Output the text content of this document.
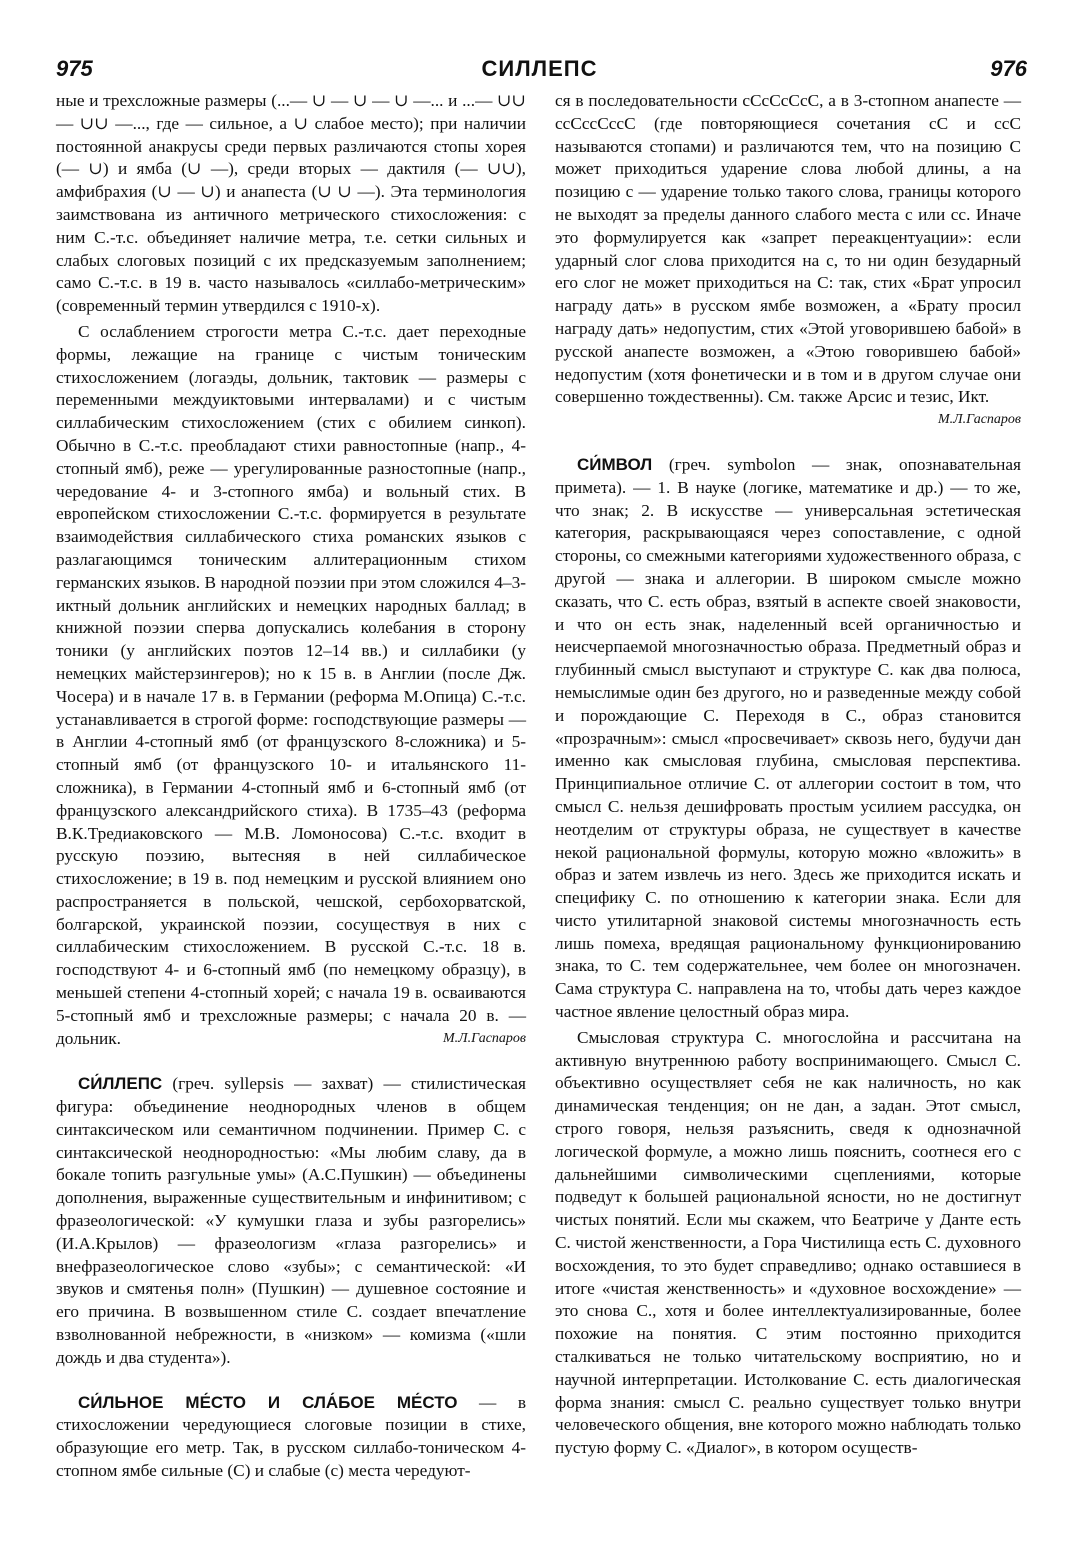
975	СИЛЛЕПС	976

ные и трехсложные размеры (...— ∪ — ∪ — ∪ —... и ...— ∪∪ — ∪∪ —..., где — сильное, а ∪ слабое место); при наличии постоянной анакрусы среди первых различаются стопы хорея (— ∪) и ямба (∪ —), среди вторых — дактиля (— ∪∪), амфибрахия (∪ — ∪) и анапеста (∪ ∪ —). Эта терминология заимствована из античного метрического стихосложения: с ним С.-т.с. объединяет наличие метра, т.е. сетки сильных и слабых слоговых позиций с их предсказуемым заполнением; само С.-т.с. в 19 в. часто называлось «силлабо-метрическим» (современный термин утвердился с 1910-х).

С ослаблением строгости метра С.-т.с. дает переходные формы, лежащие на границе с чистым тоническим стихосложением (логаэды, дольник, тактовик — размеры с переменными междуиктовыми интервалами) и с чистым силлабическим стихосложением (стих с обилием синкоп). Обычно в С.-т.с. преобладают стихи равностопные (напр., 4-стопный ямб), реже — урегулированные разностопные (напр., чередование 4- и 3-стопного ямба) и вольный стих. В европейском стихосложении С.-т.с. формируется в результате взаимодействия силлабического стиха романских языков с разлагающимся тоническим аллитерационным стихом германских языков. В народной поэзии при этом сложился 4–3-иктный дольник английских и немецких народных баллад; в книжной поэзии сперва допускались колебания в сторону тоники (у английских поэтов 12–14 вв.) и силлабики (у немецких майстерзингеров); но к 15 в. в Англии (после Дж. Чосера) и в начале 17 в. в Германии (реформа М.Опица) С.-т.с. устанавливается в строгой форме: господствующие размеры — в Англии 4-стопный ямб (от французского 8-сложника) и 5-стопный ямб (от французского 10- и итальянского 11-сложника), в Германии 4-стопный ямб и 6-стопный ямб (от французского александрийского стиха). В 1735–43 (реформа В.К.Тредиаковского — М.В. Ломоносова) С.-т.с. входит в русскую поэзию, вытесняя в ней силлабическое стихосложение; в 19 в. под немецким и русской влиянием оно распространяется в польской, чешской, сербохорватской, болгарской, украинской поэзии, сосуществуя в них с силлабическим стихосложением. В русской С.-т.с. 18 в. господствуют 4- и 6-стопный ямб (по немецкому образцу), в меньшей степени 4-стопный хорей; с начала 19 в. осваиваются 5-стопный ямб и трехсложные размеры; с начала 20 в. — дольник.	М.Л.Гаспаров

СИ́ЛЛЕПС (греч. syllepsis — захват) — стилистическая фигура: объединение неоднородных членов в общем синтаксическом или семантичном подчинении. Пример С. с синтаксической неоднородностью: «Мы любим славу, да в бокале топить разгульные умы» (А.С.Пушкин) — объединены дополнения, выраженные существительным и инфинитивом; с фразеологической: «У кумушки глаза и зубы разгорелись» (И.А.Крылов) — фразеологизм «глаза разгорелись» и внефразеологическое слово «зубы»; с семантической: «И звуков и смятенья полн» (Пушкин) — душевное состояние и его причина. В возвышенном стиле С. создает впечатление взволнованной небрежности, в «низком» — комизма («шли дождь и два студента»).

СИ́ЛЬНОЕ МЕ́СТО И СЛА́БОЕ МЕ́СТО — в стихосложении чередующиеся слоговые позиции в стихе, образующие его метр. Так, в русском силлабо-тоническом 4-стопном ямбе сильные (С) и слабые (с) места чередуют-

ся в последовательности cСcСcСcС, а в 3-стопном анапесте — ccСccСccС (где повторяющиеся сочетания cС и ccС называются стопами) и различаются тем, что на позицию С может приходиться ударение слова любой длины, а на позицию с — ударение только такого слова, границы которого не выходят за пределы данного слабого места с или сс. Иначе это формулируется как «запрет переакцентуации»: если ударный слог слова приходится на с, то ни один безударный его слог не может приходиться на С: так, стих «Брат упросил награду дать» в русском ямбе возможен, а «Брату просил награду дать» недопустим, стих «Этой уговорившею бабой» в русской анапесте возможен, а «Этою говорившею бабой» недопустим (хотя фонетически и в том и в другом случае они совершенно тождественны). См. также Арсис и тезис, Икт.

М.Л.Гаспаров

СИ́МВОЛ (греч. symbolon — знак, опознавательная примета). — 1. В науке (логике, математике и др.) — то же, что знак; 2. В искусстве — универсальная эстетическая категория, раскрывающаяся через сопоставление, с одной стороны, со смежными категориями художественного образа, с другой — знака и аллегории. В широком смысле можно сказать, что С. есть образ, взятый в аспекте своей знаковости, и что он есть знак, наделенный всей органичностью и неисчерпаемой многозначностью образа. Предметный образ и глубинный смысл выступают и структуре С. как два полюса, немыслимые один без другого, но и разведенные между собой и порождающие С. Переходя в С., образ становится «прозрачным»: смысл «просвечивает» сквозь него, будучи дан именно как смысловая глубина, смысловая перспектива. Принципиальное отличие С. от аллегории состоит в том, что смысл С. нельзя дешифровать простым усилием рассудка, он неотделим от структуры образа, не существует в качестве некой рациональной формулы, которую можно «вложить» в образ и затем извлечь из него. Здесь же приходится искать и специфику С. по отношению к категории знака. Если для чисто утилитарной знаковой системы многозначность есть лишь помеха, вредящая рациональному функционированию знака, то С. тем содержательнее, чем более он многозначен. Сама структура С. направлена на то, чтобы дать через каждое частное явление целостный образ мира.

Смысловая структура С. многослойна и рассчитана на активную внутреннюю работу воспринимающего. Смысл С. объективно осуществляет себя не как наличность, но как динамическая тенденция; он не дан, а задан. Этот смысл, строго говоря, нельзя разъяснить, сведя к однозначной логической формуле, а можно лишь пояснить, соотнеся его с дальнейшими символическими сцеплениями, которые подведут к большей рациональной ясности, но не достигнут чистых понятий. Если мы скажем, что Беатриче у Данте есть С. чистой женственности, а Гора Чистилища есть С. духовного восхождения, то это будет справедливо; однако оставшиеся в итоге «чистая женственность» и «духовное восхождение» — это снова С., хотя и более интеллектуализированные, более похожие на понятия. С этим постоянно приходится сталкиваться не только читательскому восприятию, но и научной интерпретации. Истолкование С. есть диалогическая форма знания: смысл С. реально существует только внутри человеческого общения, вне которого можно наблюдать только пустую форму С. «Диалог», в котором осуществ-
